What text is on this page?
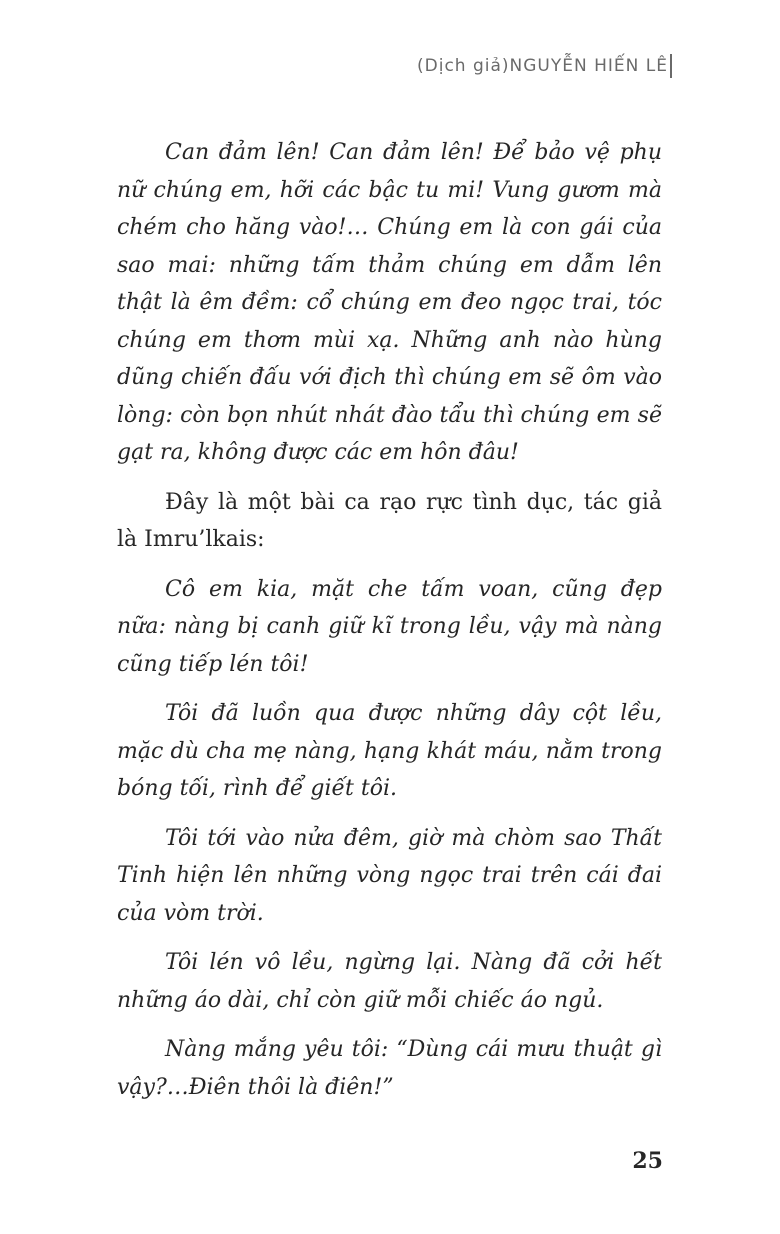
(Dịch giả)NGUYỄN HIẾN LÊ

Can đảm lên! Can đảm lên! Để bảo vệ phụ nữ chúng em, hỡi các bậc tu mi! Vung gươm mà chém cho hăng vào!… Chúng em là con gái của sao mai: những tấm thảm chúng em dẫm lên thật là êm đềm: cổ chúng em đeo ngọc trai, tóc chúng em thơm mùi xạ. Những anh nào hùng dũng chiến đấu với địch thì chúng em sẽ ôm vào lòng: còn bọn nhút nhát đào tẩu thì chúng em sẽ gạt ra, không được các em hôn đâu!

Đây là một bài ca rạo rực tình dục, tác giả là Imru’lkais:

Cô em kia, mặt che tấm voan, cũng đẹp nữa: nàng bị canh giữ kĩ trong lều, vậy mà nàng cũng tiếp lén tôi!

Tôi đã luồn qua được những dây cột lều, mặc dù cha mẹ nàng, hạng khát máu, nằm trong bóng tối, rình để giết tôi.

Tôi tới vào nửa đêm, giờ mà chòm sao Thất Tinh hiện lên những vòng ngọc trai trên cái đai của vòm trời.

Tôi lén vô lều, ngừng lại. Nàng đã cởi hết những áo dài, chỉ còn giữ mỗi chiếc áo ngủ.

Nàng mắng yêu tôi: “Dùng cái mưu thuật gì vậy?…Điên thôi là điên!”

25
